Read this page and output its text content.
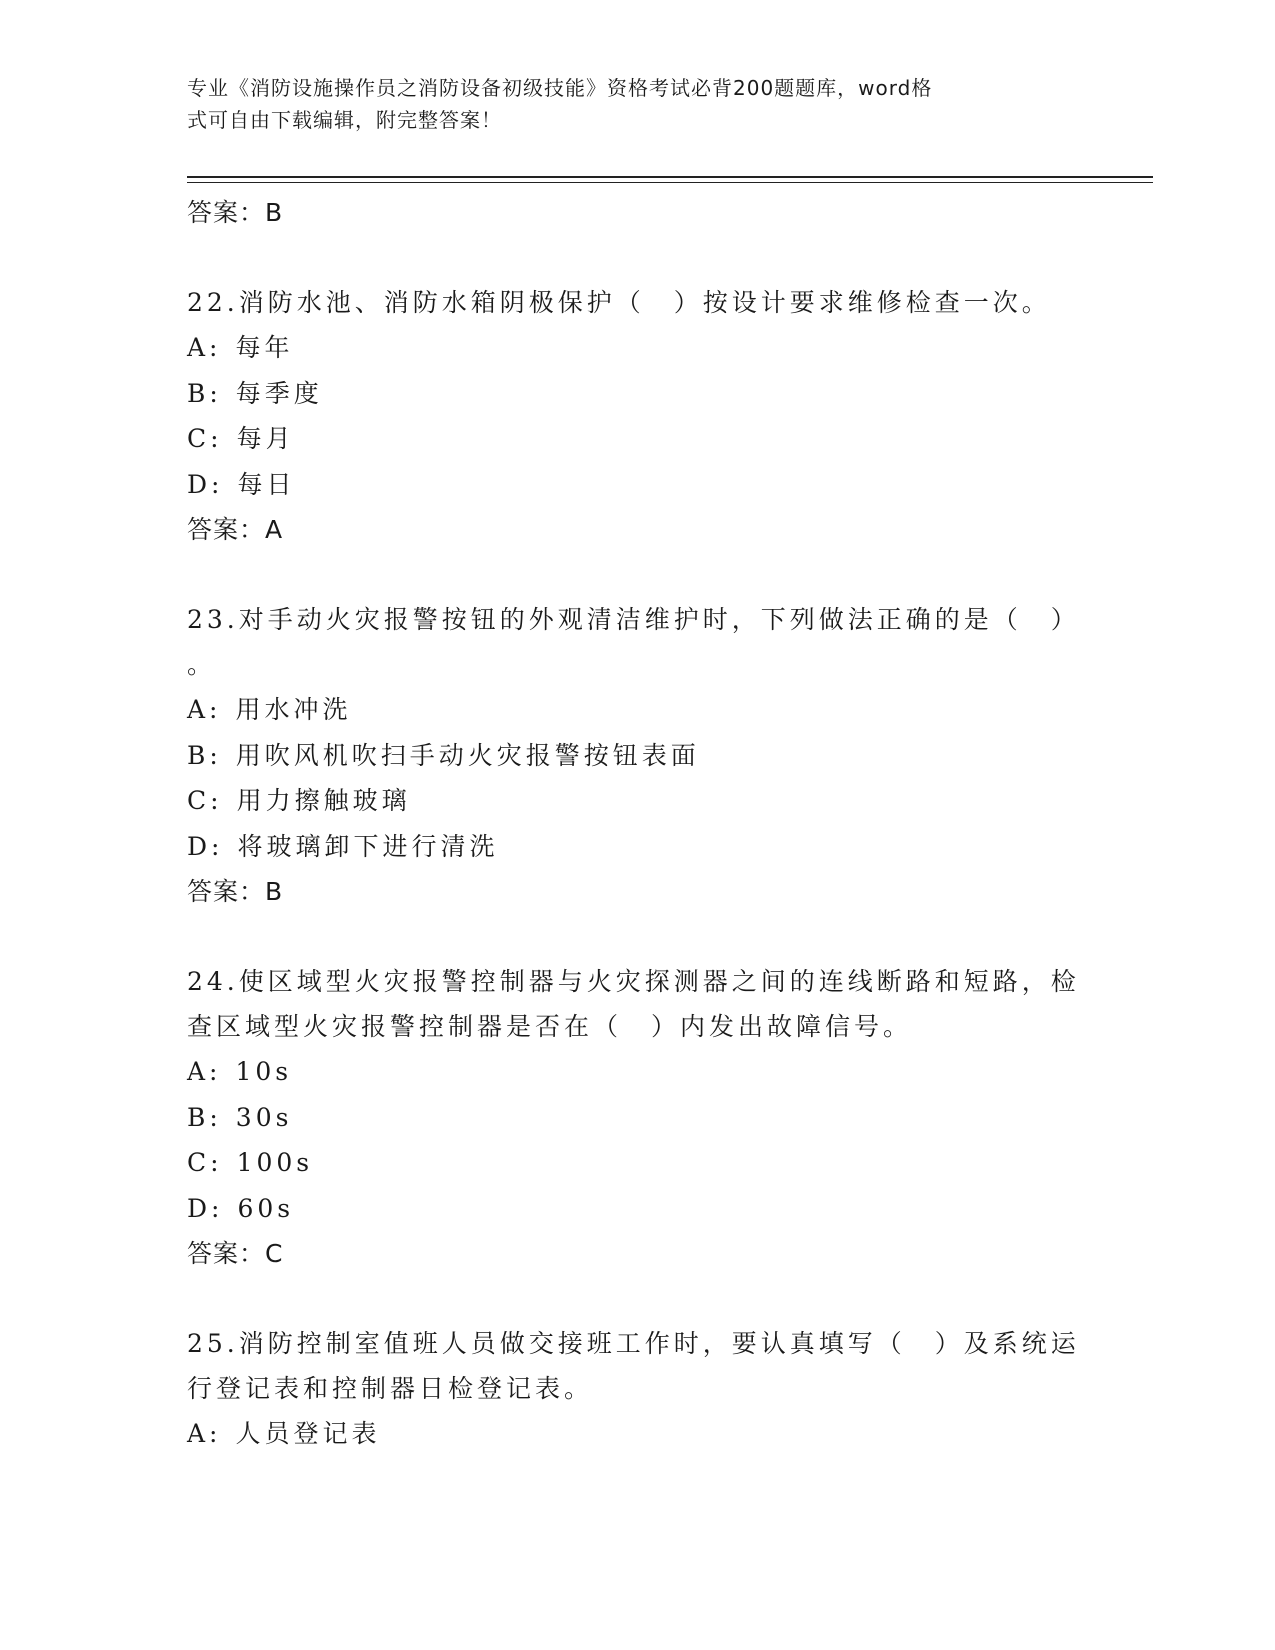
专业《消防设施操作员之消防设备初级技能》资格考试必背200题题库，word格
式可自由下载编辑，附完整答案！

答案：B

22.消防水池、消防水箱阴极保护（　）按设计要求维修检查一次。

A: 每年

B: 每季度

C: 每月

D: 每日

答案：A

23.对手动火灾报警按钮的外观清洁维护时，下列做法正确的是（　）

。

A: 用水冲洗

B: 用吹风机吹扫手动火灾报警按钮表面

C: 用力擦触玻璃

D: 将玻璃卸下进行清洗

答案：B

24.使区域型火灾报警控制器与火灾探测器之间的连线断路和短路，检

查区域型火灾报警控制器是否在（　）内发出故障信号。

A: 10s

B: 30s

C: 100s

D: 60s

答案：C

25.消防控制室值班人员做交接班工作时，要认真填写（　）及系统运

行登记表和控制器日检登记表。

A: 人员登记表
